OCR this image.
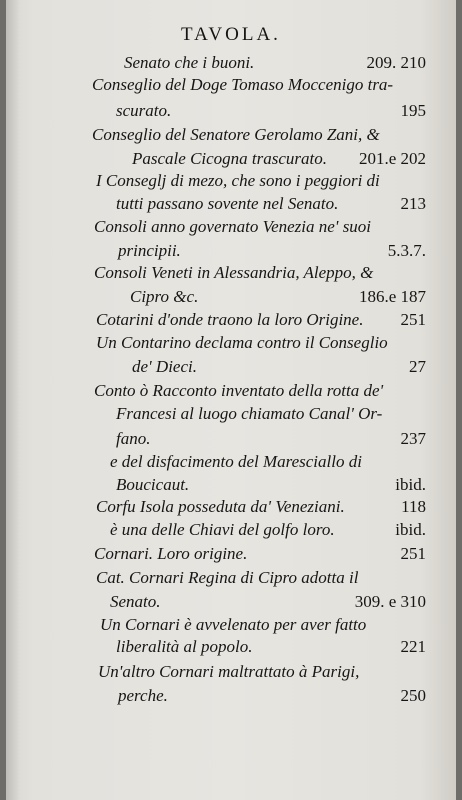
TAVOLA.
Senato che i buoni.	209. 210
Conseglio del Doge Tomaso Moccenigo tra-
scurato.	195
Conseglio del Senatore Gerolamo Zani, &
Pascale Cicogna trascurato. 201.e 202
I Conseglj di mezo, che sono i peggiori di
tutti passano sovente nel Senato.	213
Consoli anno governato Venezia ne' suoi
principii.	5.3.7.
Consoli Veneti in Alessandria, Aleppo, &
Cipro &c.	186.e 187
Cotarini d'onde traono la loro Origine. 251
Un Contarino declama contro il Conseglio
de' Dieci.	27
Conto ò Racconto inventato della rotta de'
Francesi al luogo chiamato Canal' Or-
fano.	237
e del disfacimento del Maresciallo di
Boucicaut.	ibid.
Corfu Isola posseduta da' Veneziani.	118
è una delle Chiavi del golfo loro.	ibid.
Cornari. Loro origine.	251
Cat. Cornari Regina di Cipro adotta il
Senato.	309. e 310
Un Cornari è avvelenato per aver fatto
liberalità al popolo.	221
Un'altro Cornari maltrattato à Parigi,
perche.	250
